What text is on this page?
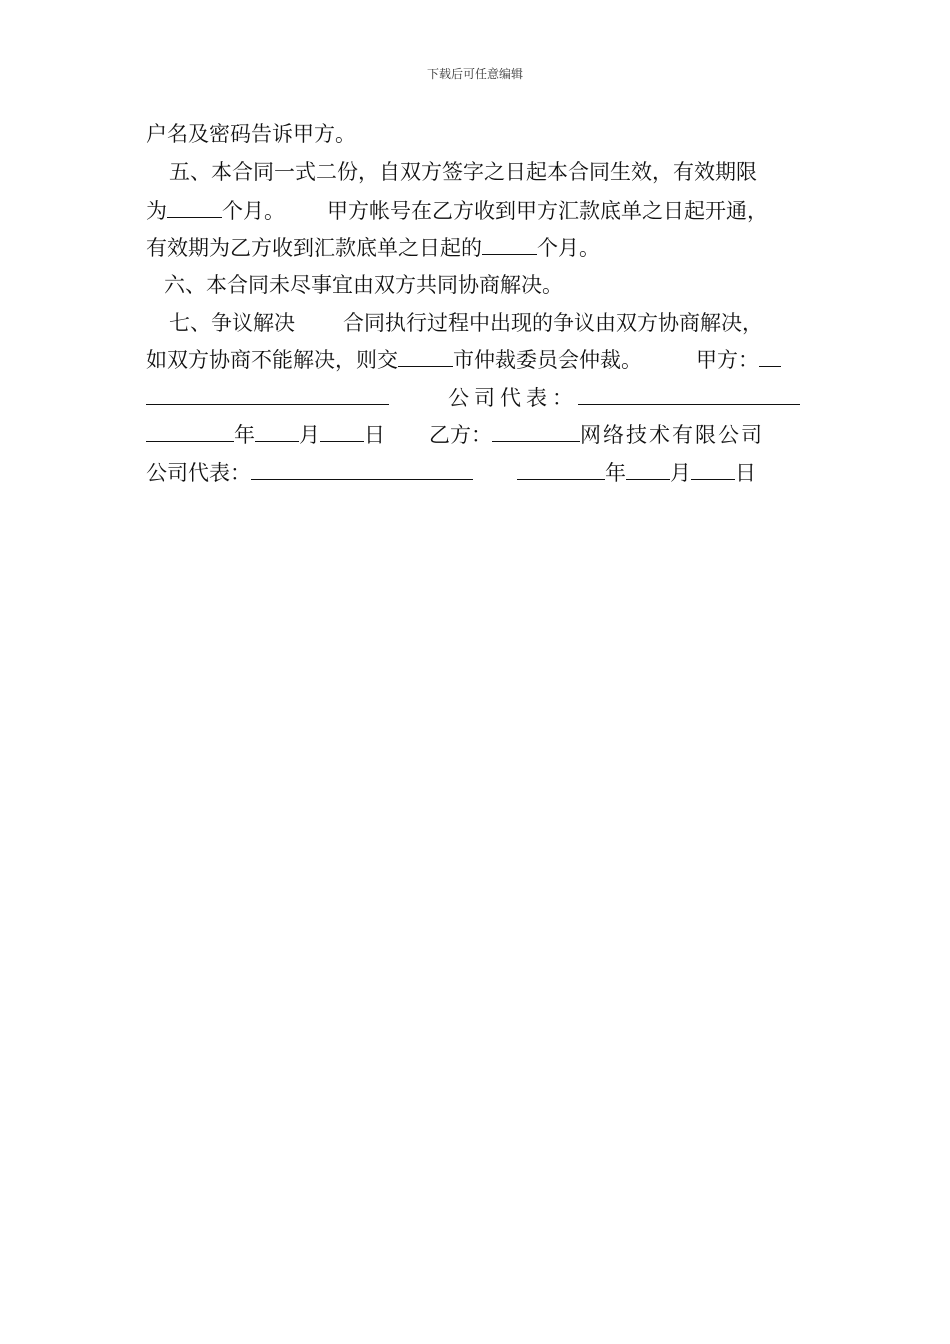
下载后可任意编辑
户名及密码告诉甲方。
五、本合同一式二份，自双方签字之日起本合同生效，有效期限
为	个月。 甲方帐号在乙方收到甲方汇款底单之日起开通，
有效期为乙方收到汇款底单之日起的	个月。
六、本合同未尽事宜由双方共同协商解决。
七、争议解决 合同执行过程中出现的争议由双方协商解决，
如双方协商不能解决，则交	市仲裁委员会仲裁。	甲方：
公司代表：
年 月 日 乙方：	网络技术有限公司
公司代表：	年 月 日
